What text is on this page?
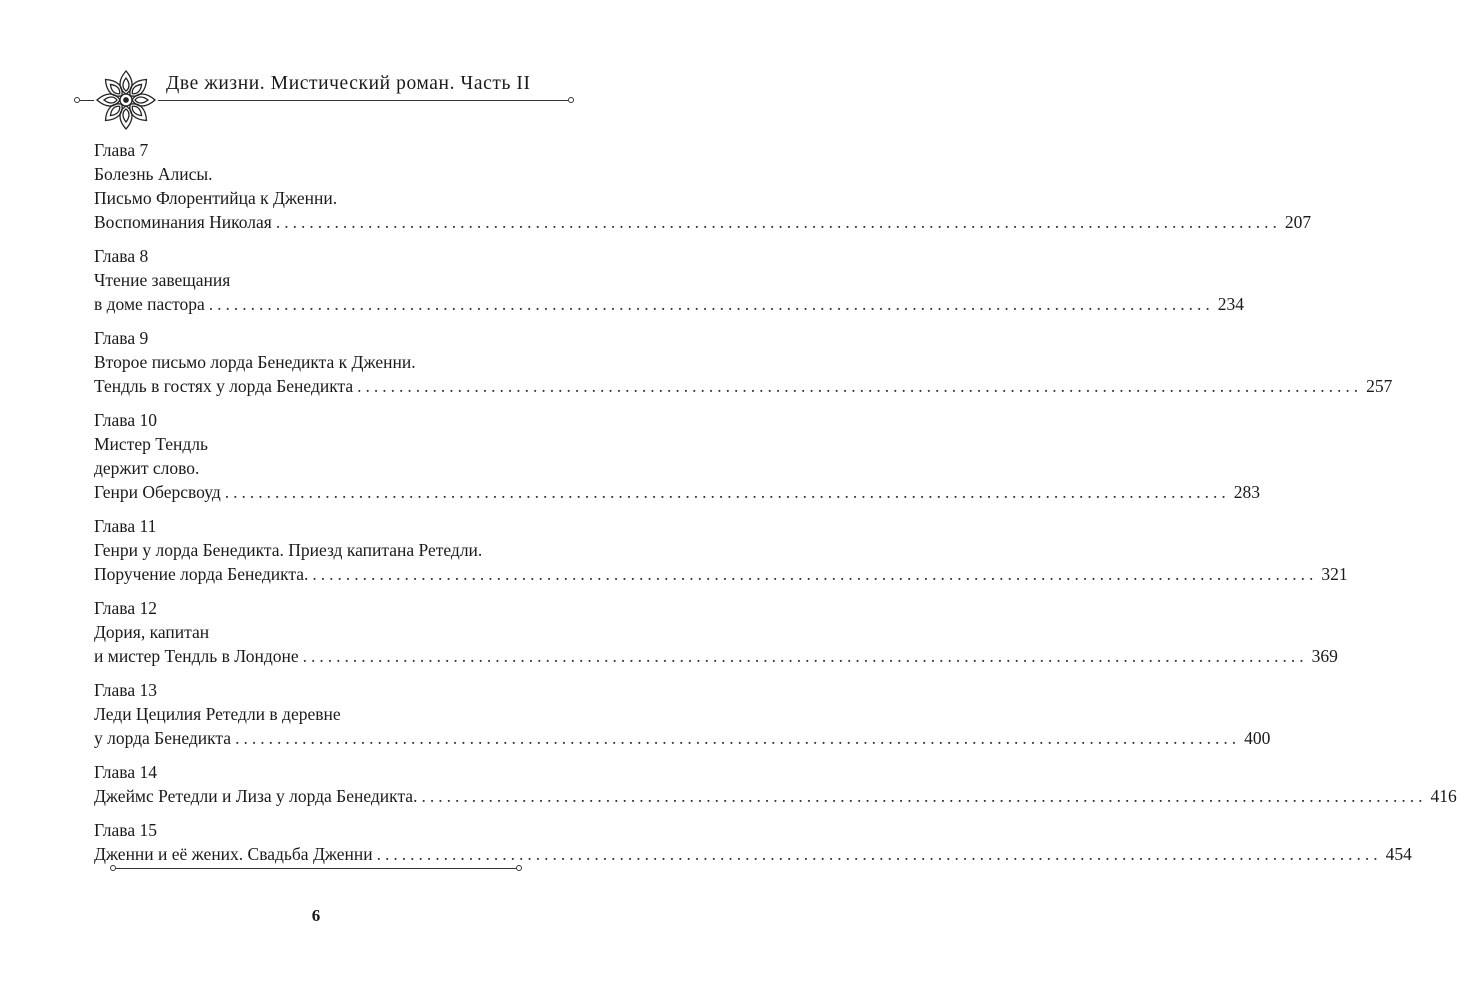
Две жизни. Мистический роман. Часть II
Глава 7
Болезнь Алисы.
Письмо Флорентийца к Дженни.
Воспоминания Николая ........................................................................................................................ 207
Глава 8
Чтение завещания
в доме пастора ........................................................................................................................ 234
Глава 9
Второе письмо лорда Бенедикта к Дженни.
Тендль в гостях у лорда Бенедикта ........................................................................................................................ 257
Глава 10
Мистер Тендль
держит слово.
Генри Оберсвоуд ........................................................................................................................ 283
Глава 11
Генри у лорда Бенедикта. Приезд капитана Ретедли.
Поручение лорда Бенедикта. ........................................................................................................................ 321
Глава 12
Дория, капитан
и мистер Тендль в Лондоне ........................................................................................................................ 369
Глава 13
Леди Цецилия Ретедли в деревне
у лорда Бенедикта ........................................................................................................................ 400
Глава 14
Джеймс Ретедли и Лиза у лорда Бенедикта. ........................................................................................................................ 416
Глава 15
Дженни и её жених. Свадьба Дженни ........................................................................................................................ 454
6
